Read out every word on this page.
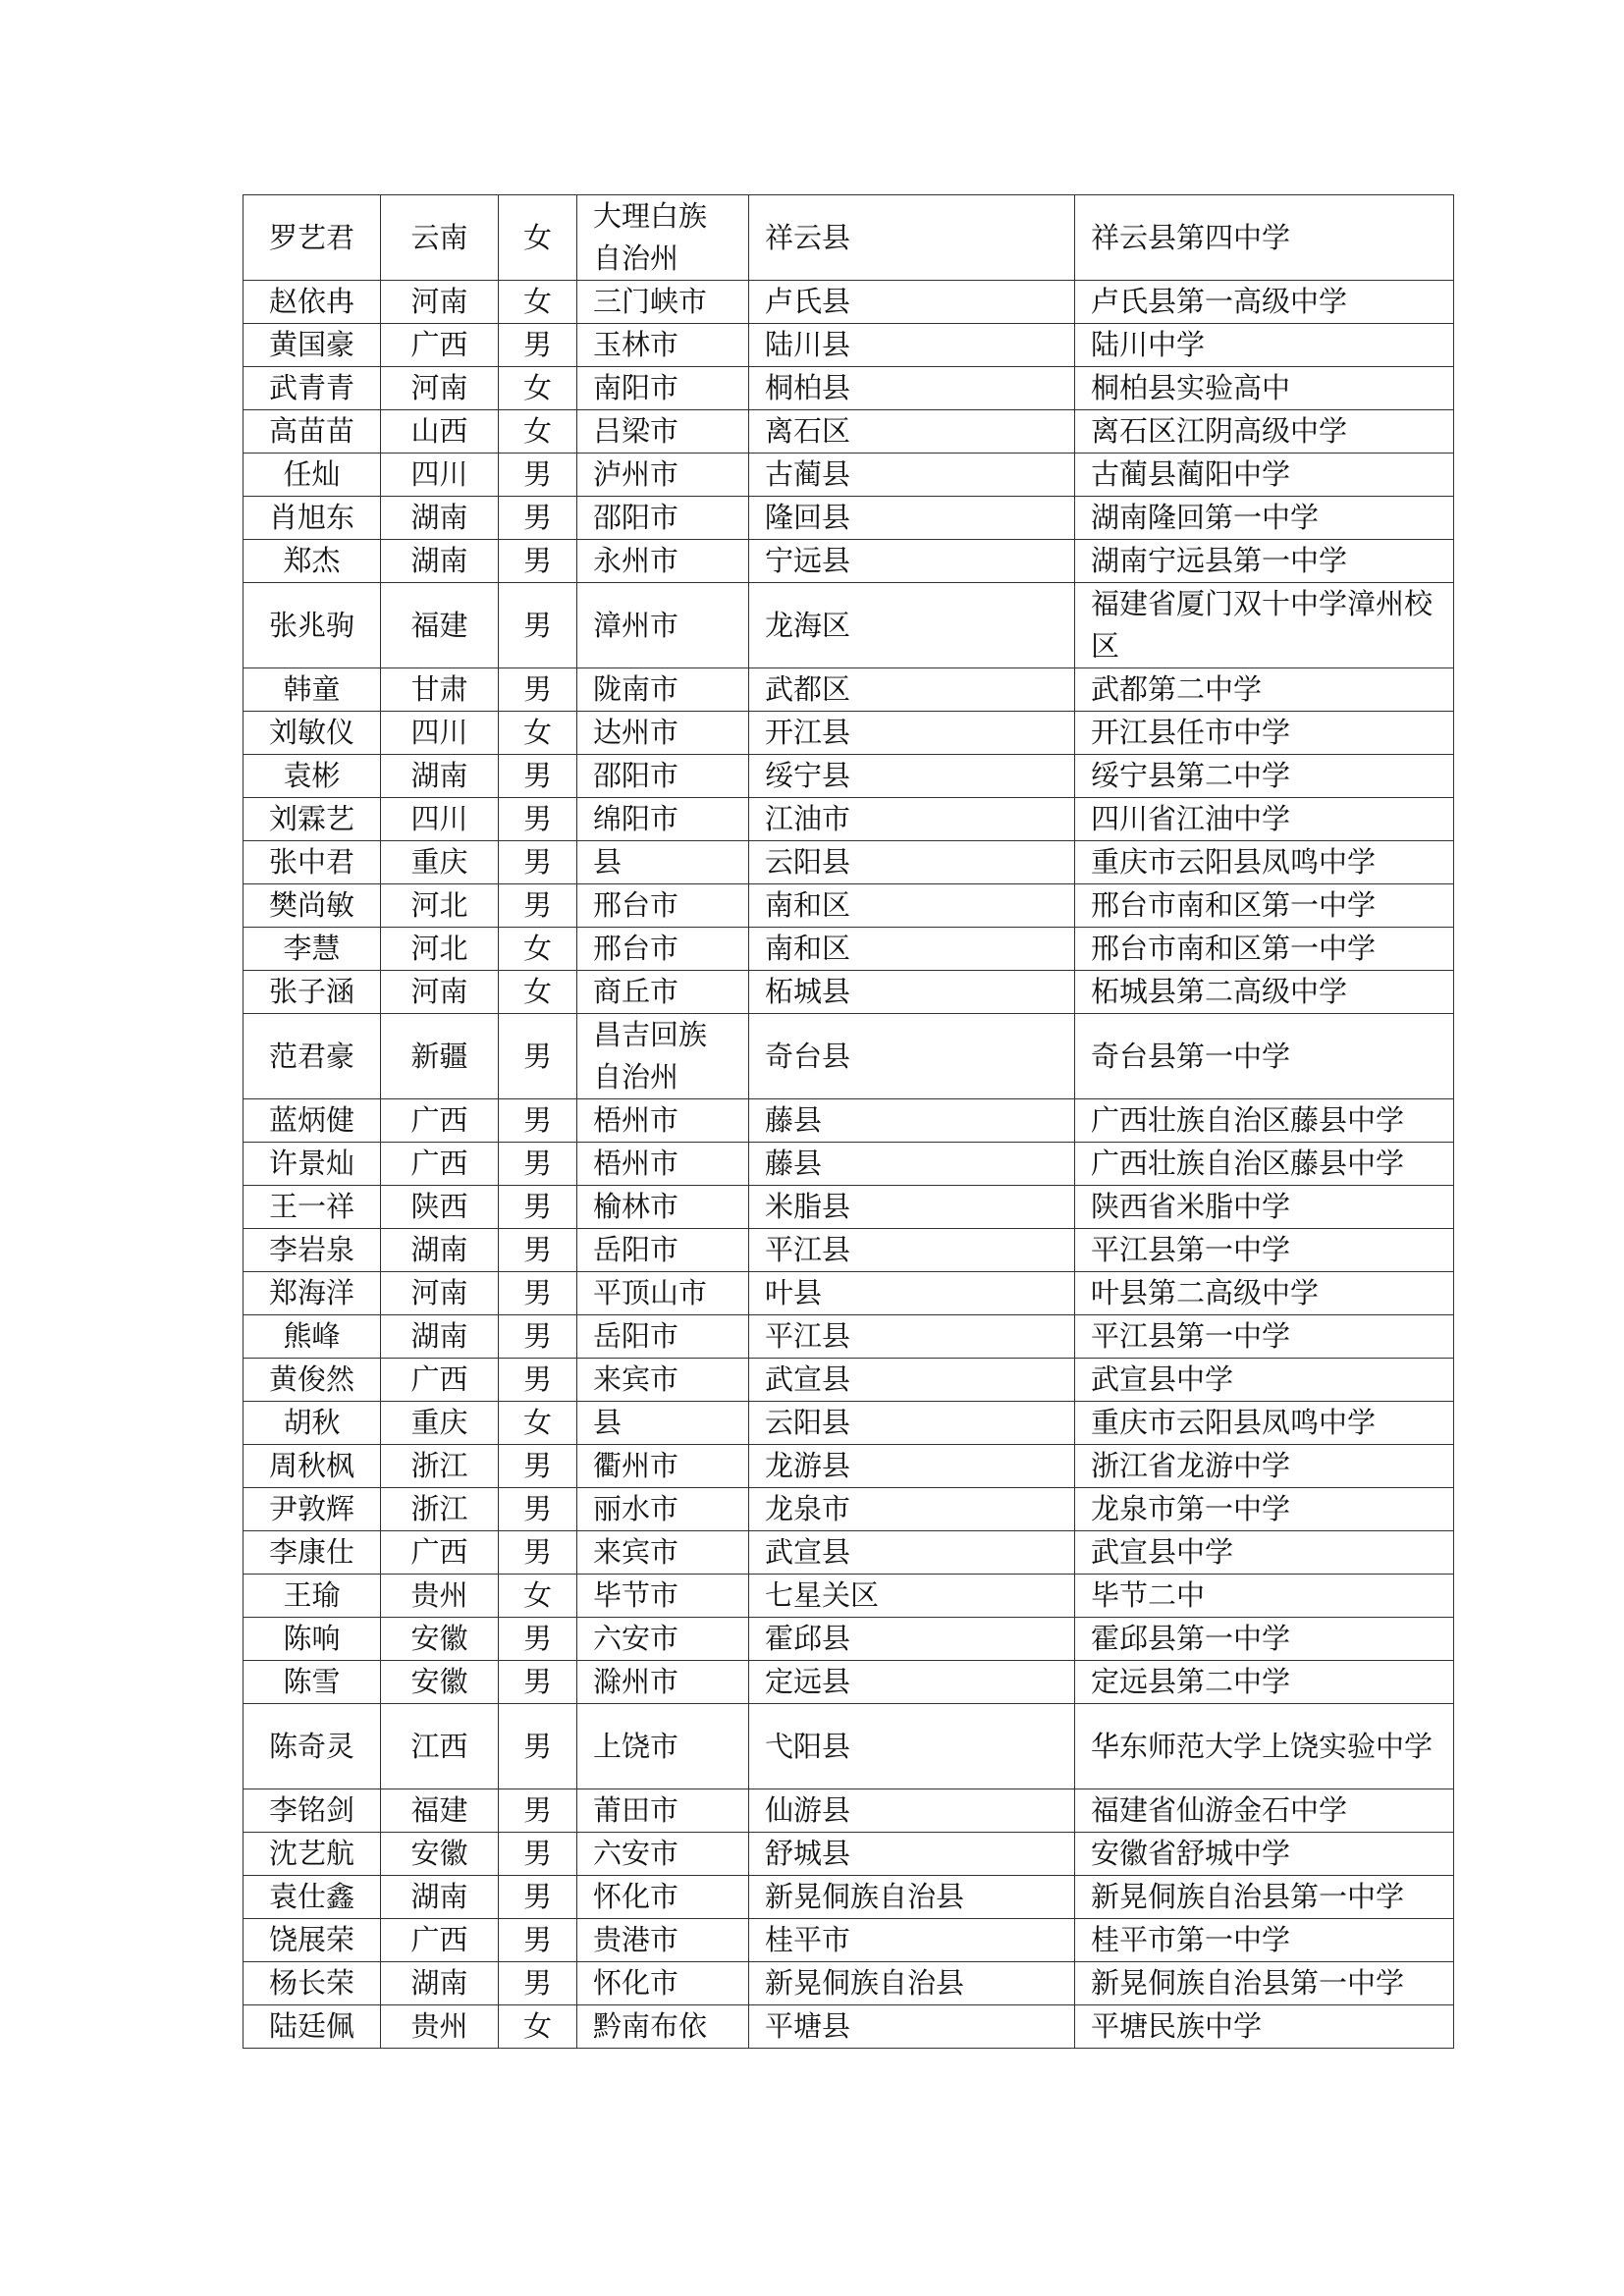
罗艺君	云南	女	大理白族自治州	祥云县	祥云县第四中学
赵依冉	河南	女	三门峡市	卢氏县	卢氏县第一高级中学
黄国豪	广西	男	玉林市	陆川县	陆川中学
武青青	河南	女	南阳市	桐柏县	桐柏县实验高中
高苗苗	山西	女	吕梁市	离石区	离石区江阴高级中学
任灿	四川	男	泸州市	古蔺县	古蔺县蔺阳中学
肖旭东	湖南	男	邵阳市	隆回县	湖南隆回第一中学
郑杰	湖南	男	永州市	宁远县	湖南宁远县第一中学
张兆驹	福建	男	漳州市	龙海区	福建省厦门双十中学漳州校区
韩童	甘肃	男	陇南市	武都区	武都第二中学
刘敏仪	四川	女	达州市	开江县	开江县任市中学
袁彬	湖南	男	邵阳市	绥宁县	绥宁县第二中学
刘霖艺	四川	男	绵阳市	江油市	四川省江油中学
张中君	重庆	男	县	云阳县	重庆市云阳县凤鸣中学
樊尚敏	河北	男	邢台市	南和区	邢台市南和区第一中学
李慧	河北	女	邢台市	南和区	邢台市南和区第一中学
张子涵	河南	女	商丘市	柘城县	柘城县第二高级中学
范君豪	新疆	男	昌吉回族自治州	奇台县	奇台县第一中学
蓝炳健	广西	男	梧州市	藤县	广西壮族自治区藤县中学
许景灿	广西	男	梧州市	藤县	广西壮族自治区藤县中学
王一祥	陕西	男	榆林市	米脂县	陕西省米脂中学
李岩泉	湖南	男	岳阳市	平江县	平江县第一中学
郑海洋	河南	男	平顶山市	叶县	叶县第二高级中学
熊峰	湖南	男	岳阳市	平江县	平江县第一中学
黄俊然	广西	男	来宾市	武宣县	武宣县中学
胡秋	重庆	女	县	云阳县	重庆市云阳县凤鸣中学
周秋枫	浙江	男	衢州市	龙游县	浙江省龙游中学
尹敦辉	浙江	男	丽水市	龙泉市	龙泉市第一中学
李康仕	广西	男	来宾市	武宣县	武宣县中学
王瑜	贵州	女	毕节市	七星关区	毕节二中
陈响	安徽	男	六安市	霍邱县	霍邱县第一中学
陈雪	安徽	男	滁州市	定远县	定远县第二中学
陈奇灵	江西	男	上饶市	弋阳县	华东师范大学上饶实验中学
李铭剑	福建	男	莆田市	仙游县	福建省仙游金石中学
沈艺航	安徽	男	六安市	舒城县	安徽省舒城中学
袁仕鑫	湖南	男	怀化市	新晃侗族自治县	新晃侗族自治县第一中学
饶展荣	广西	男	贵港市	桂平市	桂平市第一中学
杨长荣	湖南	男	怀化市	新晃侗族自治县	新晃侗族自治县第一中学
陆廷佩	贵州	女	黔南布依	平塘县	平塘民族中学
